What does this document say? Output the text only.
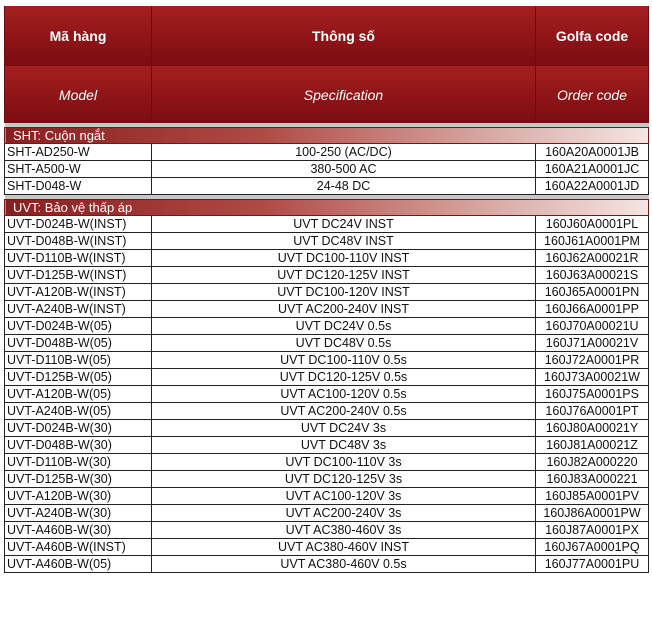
Mã hàng	Thông số	Golfa code
Model	Specification	Order code

SHT: Cuộn ngắt		
SHT-AD250-W	100-250 (AC/DC)	160A20A0001JB
SHT-A500-W	380-500 AC	160A21A0001JC
SHT-D048-W	24-48 DC	160A22A0001JD

UVT: Bảo vệ thấp áp		
UVT-D024B-W(INST)	UVT DC24V INST	160J60A0001PL
UVT-D048B-W(INST)	UVT DC48V INST	160J61A0001PM
UVT-D110B-W(INST)	UVT DC100-110V INST	160J62A00021R
UVT-D125B-W(INST)	UVT DC120-125V INST	160J63A00021S
UVT-A120B-W(INST)	UVT DC100-120V INST	160J65A0001PN
UVT-A240B-W(INST)	UVT AC200-240V INST	160J66A0001PP
UVT-D024B-W(05)	UVT DC24V 0.5s	160J70A00021U
UVT-D048B-W(05)	UVT DC48V 0.5s	160J71A00021V
UVT-D110B-W(05)	UVT DC100-110V 0.5s	160J72A0001PR
UVT-D125B-W(05)	UVT DC120-125V 0.5s	160J73A00021W
UVT-A120B-W(05)	UVT AC100-120V 0.5s	160J75A0001PS
UVT-A240B-W(05)	UVT AC200-240V 0.5s	160J76A0001PT
UVT-D024B-W(30)	UVT DC24V 3s	160J80A00021Y
UVT-D048B-W(30)	UVT DC48V 3s	160J81A00021Z
UVT-D110B-W(30)	UVT DC100-110V 3s	160J82A000220
UVT-D125B-W(30)	UVT DC120-125V 3s	160J83A000221
UVT-A120B-W(30)	UVT AC100-120V 3s	160J85A0001PV
UVT-A240B-W(30)	UVT AC200-240V 3s	160J86A0001PW
UVT-A460B-W(30)	UVT AC380-460V 3s	160J87A0001PX
UVT-A460B-W(INST)	UVT AC380-460V INST	160J67A0001PQ
UVT-A460B-W(05)	UVT AC380-460V 0.5s	160J77A0001PU
